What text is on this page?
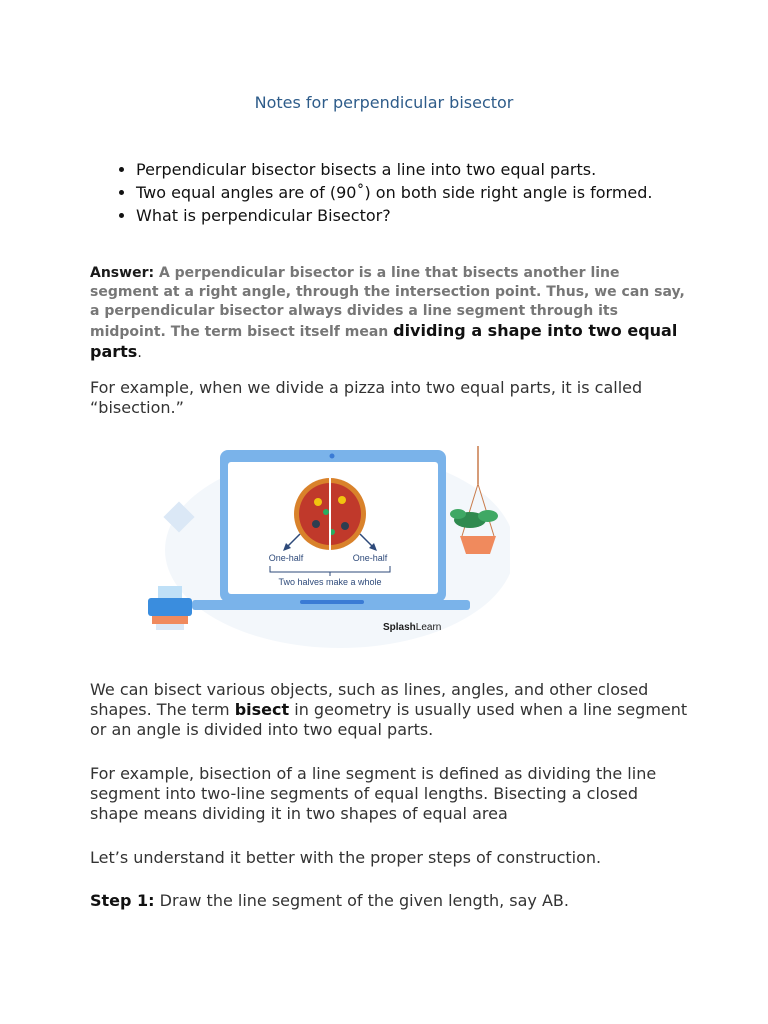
Notes for perpendicular bisector
• Perpendicular bisector bisects a line into two equal parts.
• Two equal angles are of (90˚) on both side right angle is formed.
• What is perpendicular Bisector?

Answer: A perpendicular bisector is a line that bisects another line segment at a right angle, through the intersection point. Thus, we can say, a perpendicular bisector always divides a line segment through its midpoint. The term bisect itself mean dividing a shape into two equal parts.

For example, when we divide a pizza into two equal parts, it is called “bisection.”

One-half	One-half
Two halves make a whole
SplashLearn

We can bisect various objects, such as lines, angles, and other closed shapes. The term bisect in geometry is usually used when a line segment or an angle is divided into two equal parts.

For example, bisection of a line segment is defined as dividing the line segment into two-line segments of equal lengths. Bisecting a closed shape means dividing it in two shapes of equal area

Let’s understand it better with the proper steps of construction.

Step 1: Draw the line segment of the given length, say AB.
